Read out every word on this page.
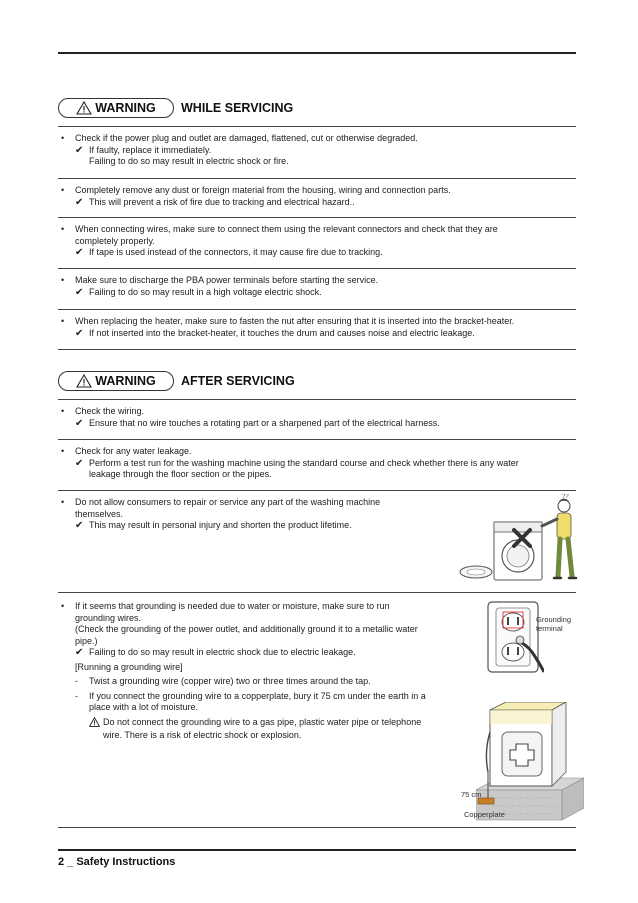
WARNING WHILE SERVICING
• Check if the power plug and outlet are damaged, flattened, cut or otherwise degraded.
✔ If faulty, replace it immediately.
Failing to do so may result in electric shock or fire.
• Completely remove any dust or foreign material from the housing, wiring and connection parts.
✔ This will prevent a risk of fire due to tracking and electrical hazard..
• When connecting wires, make sure to connect them using the relevant connectors and check that they are
completely properly.
✔ If tape is used instead of the connectors, it may cause fire due to tracking.
• Make sure to discharge the PBA power terminals before starting the service.
✔ Failing to do so may result in a high voltage electric shock.
• When replacing the heater, make sure to fasten the nut after ensuring that it is inserted into the bracket-heater.
✔ If not inserted into the bracket-heater, it touches the drum and causes noise and electric leakage.
WARNING AFTER SERVICING
• Check the wiring.
✔ Ensure that no wire touches a rotating part or a sharpened part of the electrical harness.
• Check for any water leakage.
✔ Perform a test run for the washing machine using the standard course and check whether there is any water
leakage through the floor section or the pipes.
• Do not allow consumers to repair or service any part of the washing machine
themselves.
✔ This may result in personal injury and shorten the product lifetime.
??
• If it seems that grounding is needed due to water or moisture, make sure to run
grounding wires.
(Check the grounding of the power outlet, and additionally ground it to a metallic water
pipe.)
✔ Failing to do so may result in electric shock due to electric leakage.
[Running a grounding wire]
-	Twist a grounding wire (copper wire) two or three times around the tap.
-	If you connect the grounding wire to a copperplate, bury it 75 cm under the earth in a
place with a lot of moisture.
Do not connect the grounding wire to a gas pipe, plastic water pipe or telephone
wire. There is a risk of electric shock or explosion.
Grounding
terminal
75 cm
Copperplate
2 _ Safety Instructions
